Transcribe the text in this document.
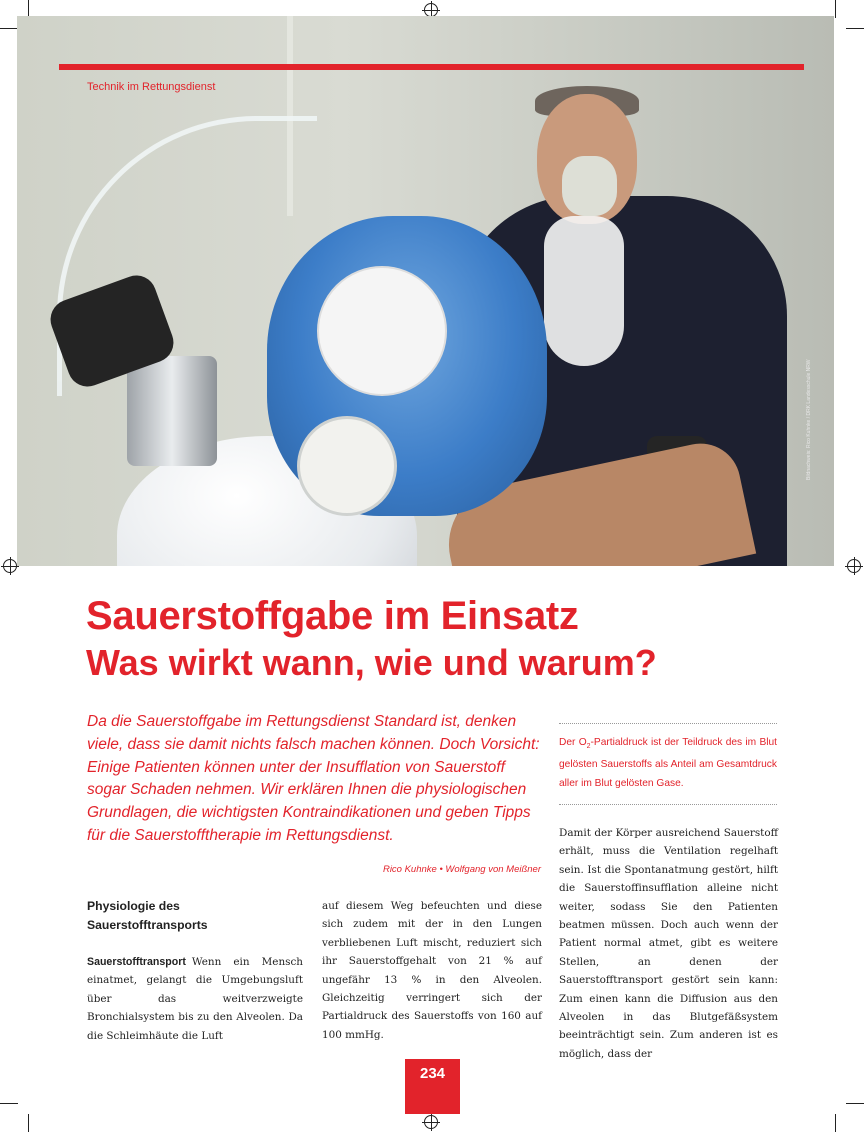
Technik im Rettungsdienst
Bildnachweis: Rico Kuhnke / DRK Landesschule NRW
Sauerstoffgabe im Einsatz
Was wirkt wann, wie und warum?

Da die Sauerstoffgabe im Rettungsdienst Standard ist, denken viele, dass sie damit nichts falsch machen können. Doch Vorsicht: Einige Patienten können unter der Insufflation von Sauerstoff sogar Schaden nehmen. Wir erklären Ihnen die physiologischen Grundlagen, die wichtigsten Kontraindikationen und geben Tipps für die Sauerstofftherapie im Rettungsdienst.

Rico Kuhnke • Wolfgang von Meißner
Der $O_2$-Partialdruck ist der Teildruck des im Blut gelösten Sauerstoffs als Anteil am Gesamtdruck aller im Blut gelösten Gase.
Physiologie des Sauerstofftransports

Sauerstofftransport Wenn ein Mensch einatmet, gelangt die Umgebungsluft über das weitverzweigte Bronchialsystem bis zu den Alveolen. Da die Schleimhäute die Luft

auf diesem Weg befeuchten und diese sich zudem mit der in den Lungen verbliebenen Luft mischt, reduziert sich ihr Sauerstoffgehalt von 21 % auf ungefähr 13 % in den Alveolen. Gleichzeitig verringert sich der Partialdruck des Sauerstoffs von 160 auf 100 mmHg.

Damit der Körper ausreichend Sauerstoff erhält, muss die Ventilation regelhaft sein. Ist die Spontanatmung gestört, hilft die Sauerstoffinsufflation alleine nicht weiter, sodass Sie den Patienten beatmen müssen. Doch auch wenn der Patient normal atmet, gibt es weitere Stellen, an denen der Sauerstofftransport gestört sein kann: Zum einen kann die Diffusion aus den Alveolen in das Blutgefäßsystem beeinträchtigt sein. Zum anderen ist es möglich, dass der

234
